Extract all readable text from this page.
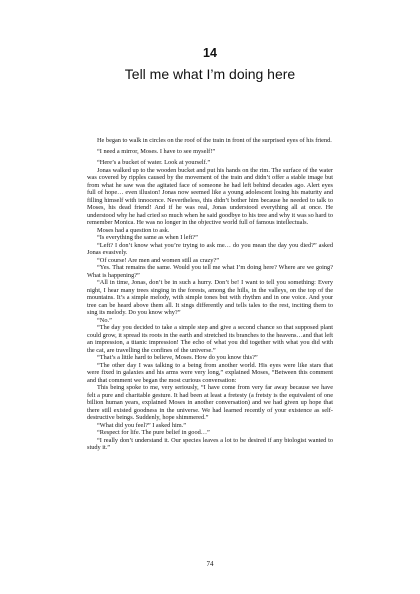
14
Tell me what I’m doing here

He began to walk in circles on the roof of the train in front of the surprised eyes of his friend.

“I need a mirror, Moses. I have to see myself!”

“Here’s a bucket of water. Look at yourself.”

Jonas walked up to the wooden bucket and put his hands on the rim. The surface of the water was covered by ripples caused by the movement of the train and didn’t offer a stable image but from what he saw was the agitated face of someone he had left behind decades ago. Alert eyes full of hope… even illusion! Jonas now seemed like a young adolescent losing his maturity and filling himself with innocence. Nevertheless, this didn’t bother him because he needed to talk to Moses, his dead friend! And if he was real, Jonas understood everything all at once. He understood why he had cried so much when he said goodbye to his tree and why it was so hard to remember Monica. He was no longer in the objective world full of famous intellectuals.

Moses had a question to ask.

“Is everything the same as when I left?”

“Left? I don’t know what you’re trying to ask me… do you mean the day you died?” asked Jonas evasively.

“Of course! Are men and women still as crazy?”

“Yes. That remains the same. Would you tell me what I’m doing here? Where are we going? What is happening?”

“All in time, Jonas, don’t be in such a hurry. Don’t be! I want to tell you something: Every night, I hear many trees singing in the forests, among the hills, in the valleys, on the top of the mountains. It’s a simple melody, with simple tones but with rhythm and in one voice. And your tree can be heard above them all. It sings differently and tells tales to the rest, inciting them to sing its melody. Do you know why?”

“No.”

“The day you decided to take a simple step and give a second chance so that supposed plant could grow, it spread its roots in the earth and stretched its branches to the heavens…and that left an impression, a titanic impression! The echo of what you did together with what you did with the cat, are travelling the confines of the universe.”

“That’s a little hard to believe, Moses. How do you know this?”

“The other day I was talking to a being from another world. His eyes were like stars that were fixed in galaxies and his arms were very long,” explained Moses, “Between this comment and that comment we began the most curious conversation:

This being spoke to me, very seriously, “I have come from very far away because we have felt a pure and charitable gesture. It had been at least a fretesty (a fretsty is the equivalent of one billion human years, explained Moses in another conversation) and we had given up hope that there still existed goodness in the universe. We had learned recently of your existence as self-destructive beings. Suddenly, hope shimmered.”

“What did you feel?” I asked him.”

“Respect for life. The pure belief in good…”

“I really don’t understand it. Our species leaves a lot to be desired if any biologist wanted to study it.”

74
